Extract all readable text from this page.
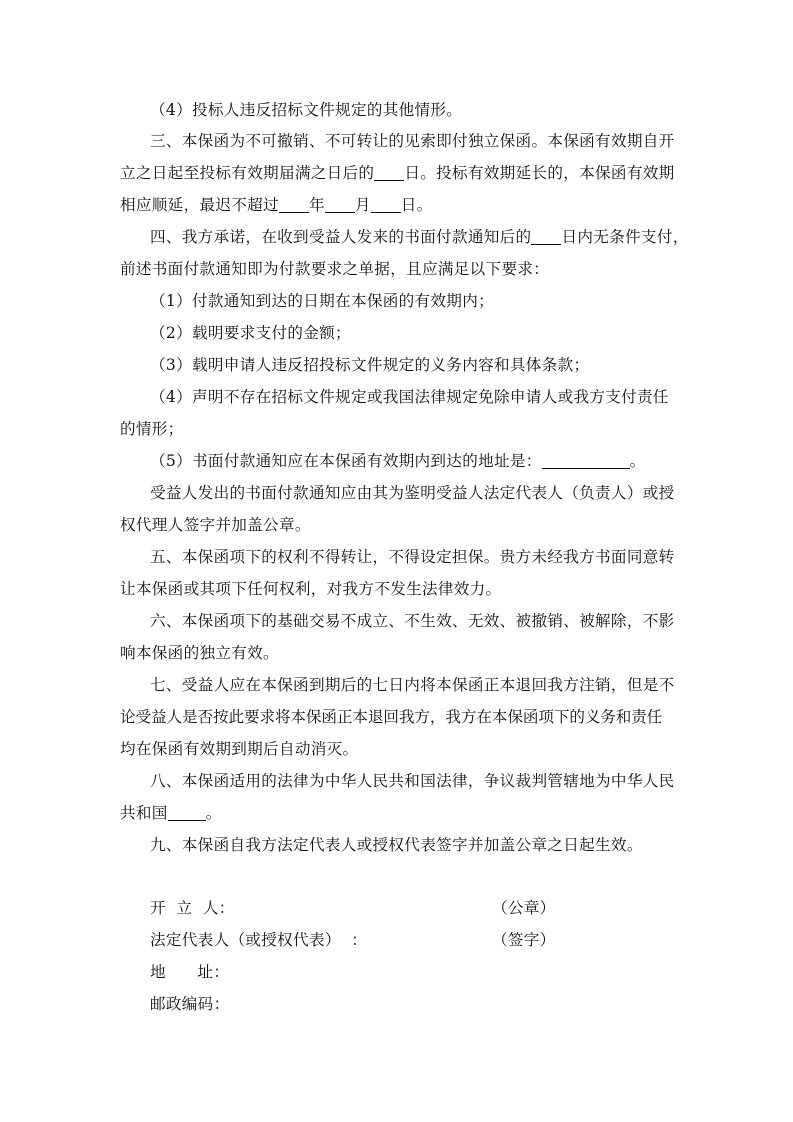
（4）投标人违反招标文件规定的其他情形。
三、本保函为不可撤销、不可转让的见索即付独立保函。本保函有效期自开
立之日起至投标有效期届满之日后的 日。投标有效期延长的，本保函有效期
相应顺延，最迟不超过 年 月 日。
四、我方承诺，在收到受益人发来的书面付款通知后的 日内无条件支付，
前述书面付款通知即为付款要求之单据，且应满足以下要求：
（1）付款通知到达的日期在本保函的有效期内；
（2）载明要求支付的金额；
（3）载明申请人违反招投标文件规定的义务内容和具体条款；
（4）声明不存在招标文件规定或我国法律规定免除申请人或我方支付责任
的情形；
（5）书面付款通知应在本保函有效期内到达的地址是：	。
受益人发出的书面付款通知应由其为鉴明受益人法定代表人（负责人）或授
权代理人签字并加盖公章。
五、本保函项下的权利不得转让，不得设定担保。贵方未经我方书面同意转
让本保函或其项下任何权利，对我方不发生法律效力。
六、本保函项下的基础交易不成立、不生效、无效、被撤销、被解除，不影
响本保函的独立有效。
七、受益人应在本保函到期后的七日内将本保函正本退回我方注销，但是不
论受益人是否按此要求将本保函正本退回我方，我方在本保函项下的义务和责任
均在保函有效期到期后自动消灭。
八、本保函适用的法律为中华人民共和国法律，争议裁判管辖地为中华人民
共和国 。
九、本保函自我方法定代表人或授权代表签字并加盖公章之日起生效。
开  立  人：	（公章）
法定代表人（或授权代表）  ：	（签字）
地      址：
邮政编码：
